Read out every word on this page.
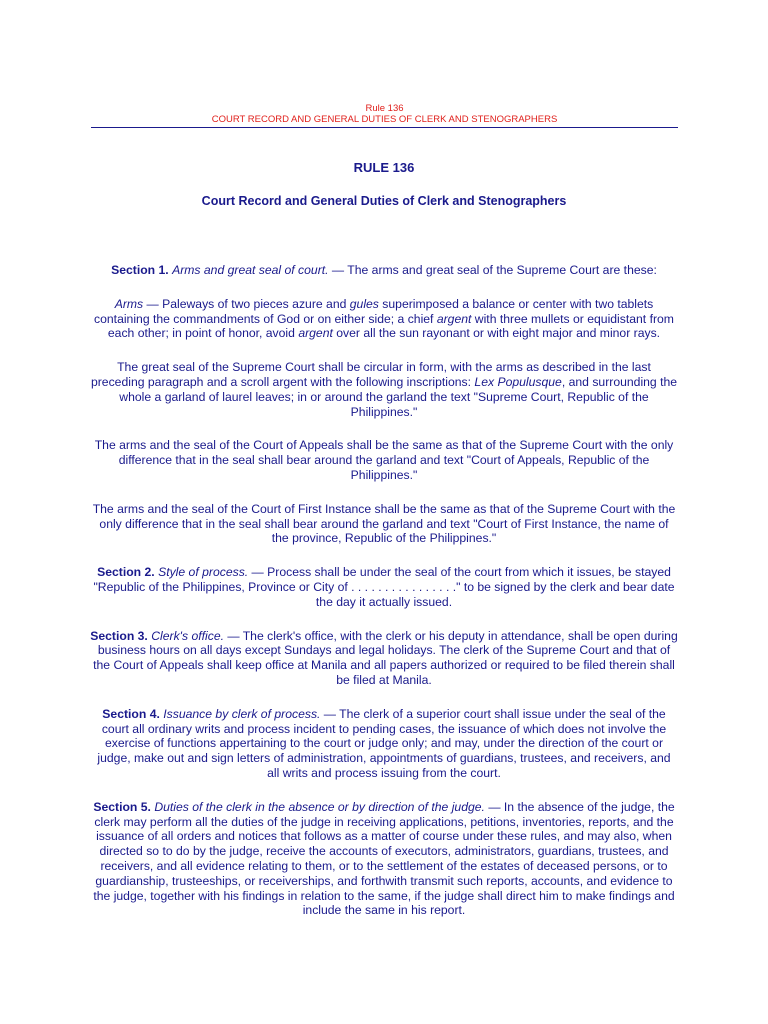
Rule 136
COURT RECORD AND GENERAL DUTIES OF CLERK AND STENOGRAPHERS
RULE 136
Court Record and General Duties of Clerk and Stenographers

Section 1. Arms and great seal of court. — The arms and great seal of the Supreme Court are these:

Arms — Paleways of two pieces azure and gules superimposed a balance or center with two tablets containing the commandments of God or on either side; a chief argent with three mullets or equidistant from each other; in point of honor, avoid argent over all the sun rayonant or with eight major and minor rays.

The great seal of the Supreme Court shall be circular in form, with the arms as described in the last preceding paragraph and a scroll argent with the following inscriptions: Lex Populusque, and surrounding the whole a garland of laurel leaves; in or around the garland the text "Supreme Court, Republic of the Philippines."

The arms and the seal of the Court of Appeals shall be the same as that of the Supreme Court with the only difference that in the seal shall bear around the garland and text "Court of Appeals, Republic of the Philippines."

The arms and the seal of the Court of First Instance shall be the same as that of the Supreme Court with the only difference that in the seal shall bear around the garland and text "Court of First Instance, the name of the province, Republic of the Philippines."

Section 2. Style of process. — Process shall be under the seal of the court from which it issues, be stayed "Republic of the Philippines, Province or City of . . . . . . . . . . . . . . . ." to be signed by the clerk and bear date the day it actually issued.

Section 3. Clerk's office. — The clerk's office, with the clerk or his deputy in attendance, shall be open during business hours on all days except Sundays and legal holidays. The clerk of the Supreme Court and that of the Court of Appeals shall keep office at Manila and all papers authorized or required to be filed therein shall be filed at Manila.

Section 4. Issuance by clerk of process. — The clerk of a superior court shall issue under the seal of the court all ordinary writs and process incident to pending cases, the issuance of which does not involve the exercise of functions appertaining to the court or judge only; and may, under the direction of the court or judge, make out and sign letters of administration, appointments of guardians, trustees, and receivers, and all writs and process issuing from the court.

Section 5. Duties of the clerk in the absence or by direction of the judge. — In the absence of the judge, the clerk may perform all the duties of the judge in receiving applications, petitions, inventories, reports, and the issuance of all orders and notices that follows as a matter of course under these rules, and may also, when directed so to do by the judge, receive the accounts of executors, administrators, guardians, trustees, and receivers, and all evidence relating to them, or to the settlement of the estates of deceased persons, or to guardianship, trusteeships, or receiverships, and forthwith transmit such reports, accounts, and evidence to the judge, together with his findings in relation to the same, if the judge shall direct him to make findings and include the same in his report.
